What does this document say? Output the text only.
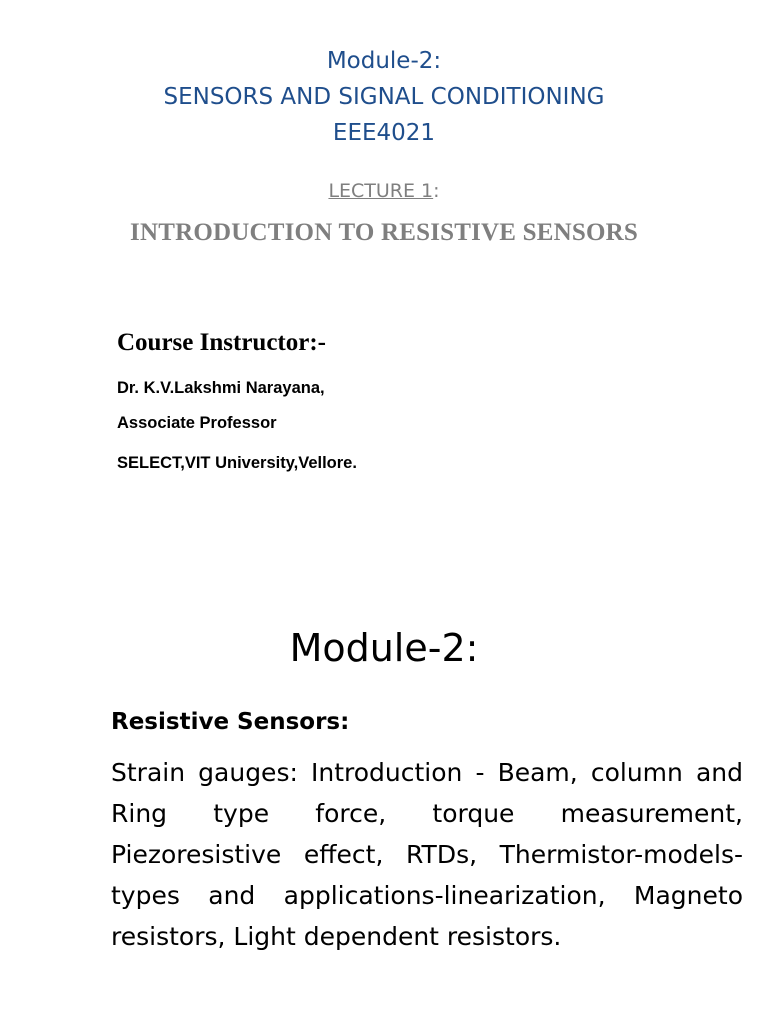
Module-2:
SENSORS AND SIGNAL CONDITIONING
EEE4021
LECTURE 1:
INTRODUCTION TO RESISTIVE SENSORS
Course Instructor:-
Dr. K.V.Lakshmi Narayana,
Associate Professor
SELECT,VIT University,Vellore.
Module-2:
Resistive Sensors:
Strain gauges: Introduction - Beam, column and Ring type force, torque measurement, Piezoresistive effect, RTDs, Thermistor-models-types and applications-linearization, Magneto resistors, Light dependent resistors.
